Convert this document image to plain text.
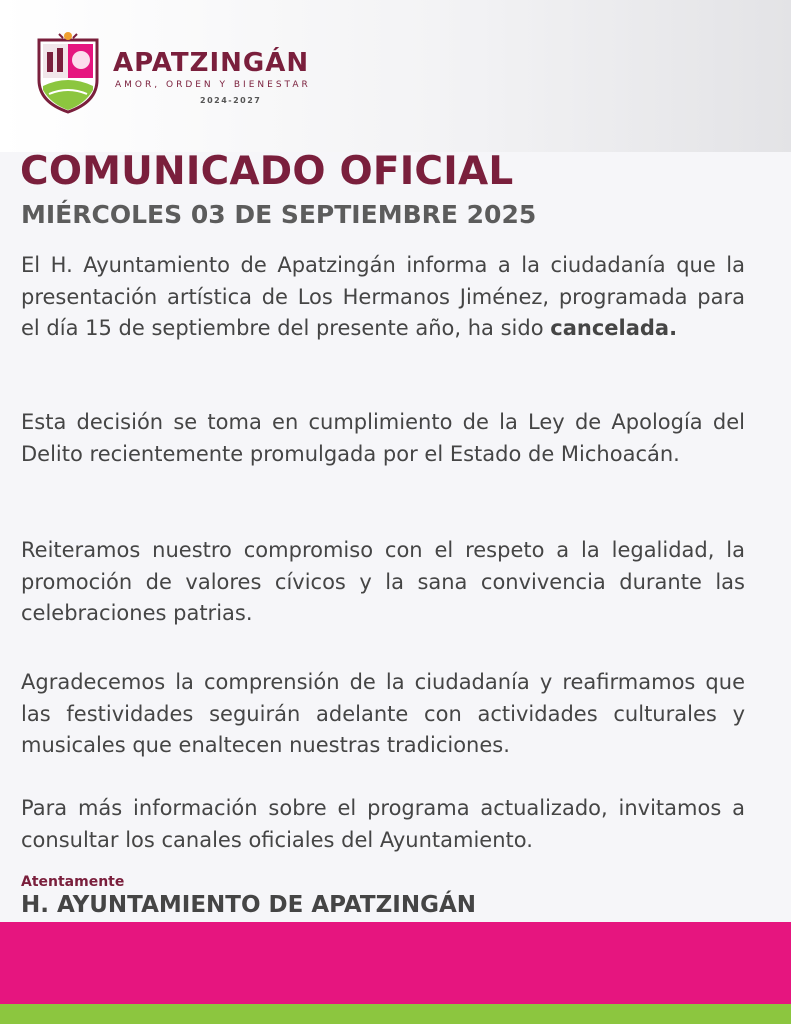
APATZINGÁN
AMOR, ORDEN Y BIENESTAR
2024-2027
COMUNICADO OFICIAL
MIÉRCOLES 03 DE SEPTIEMBRE 2025

El H. Ayuntamiento de Apatzingán informa a la ciudadanía que la presentación artística de Los Hermanos Jiménez, programada para el día 15 de septiembre del presente año, ha sido cancelada.

Esta decisión se toma en cumplimiento de la Ley de Apología del Delito recientemente promulgada por el Estado de Michoacán.

Reiteramos nuestro compromiso con el respeto a la legalidad, la promoción de valores cívicos y la sana convivencia durante las celebraciones patrias.

Agradecemos la comprensión de la ciudadanía y reafirmamos que las festividades seguirán adelante con actividades culturales y musicales que enaltecen nuestras tradiciones.

Para más información sobre el programa actualizado, invitamos a consultar los canales oficiales del Ayuntamiento.

Atentamente
H. AYUNTAMIENTO DE APATZINGÁN
